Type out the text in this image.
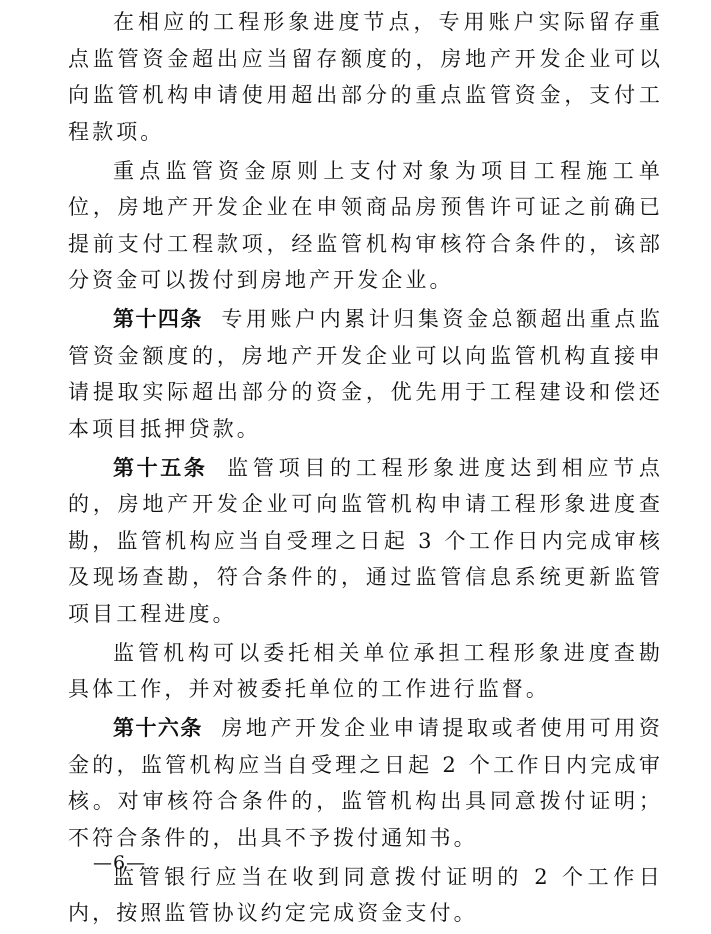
在相应的工程形象进度节点，专用账户实际留存重点监管资金超出应当留存额度的，房地产开发企业可以向监管机构申请使用超出部分的重点监管资金，支付工程款项。

重点监管资金原则上支付对象为项目工程施工单位，房地产开发企业在申领商品房预售许可证之前确已提前支付工程款项，经监管机构审核符合条件的，该部分资金可以拨付到房地产开发企业。

第十四条 专用账户内累计归集资金总额超出重点监管资金额度的，房地产开发企业可以向监管机构直接申请提取实际超出部分的资金，优先用于工程建设和偿还本项目抵押贷款。

第十五条 监管项目的工程形象进度达到相应节点的，房地产开发企业可向监管机构申请工程形象进度查勘，监管机构应当自受理之日起 3 个工作日内完成审核及现场查勘，符合条件的，通过监管信息系统更新监管项目工程进度。

监管机构可以委托相关单位承担工程形象进度查勘具体工作，并对被委托单位的工作进行监督。

第十六条 房地产开发企业申请提取或者使用可用资金的，监管机构应当自受理之日起 2 个工作日内完成审核。对审核符合条件的，监管机构出具同意拨付证明；不符合条件的，出具不予拨付通知书。

监管银行应当在收到同意拨付证明的 2 个工作日内，按照监管协议约定完成资金支付。

—6—
